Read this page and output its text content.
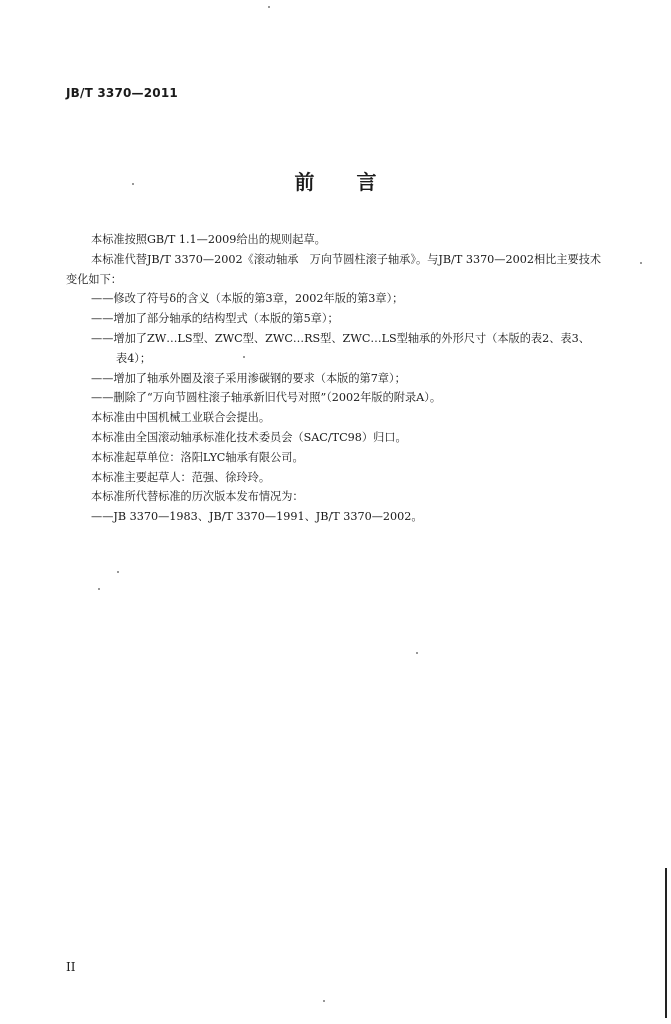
JB/T 3370—2011
前 言

本标准按照GB/T 1.1—2009给出的规则起草。

本标准代替JB/T 3370—2002《滚动轴承　万向节圆柱滚子轴承》。与JB/T 3370—2002相比主要技术

变化如下：

——修改了符号δ的含义（本版的第3章，2002年版的第3章）；

——增加了部分轴承的结构型式（本版的第5章）；

——增加了ZW…LS型、ZWC型、ZWC…RS型、ZWC…LS型轴承的外形尺寸（本版的表2、表3、

表4）；

——增加了轴承外圈及滚子采用渗碳钢的要求（本版的第7章）；

——删除了“万向节圆柱滚子轴承新旧代号对照”（2002年版的附录A）。

本标准由中国机械工业联合会提出。

本标准由全国滚动轴承标准化技术委员会（SAC/TC98）归口。

本标准起草单位：洛阳LYC轴承有限公司。

本标准主要起草人：范强、徐玲玲。

本标准所代替标准的历次版本发布情况为：

——JB 3370—1983、JB/T 3370—1991、JB/T 3370—2002。

II
